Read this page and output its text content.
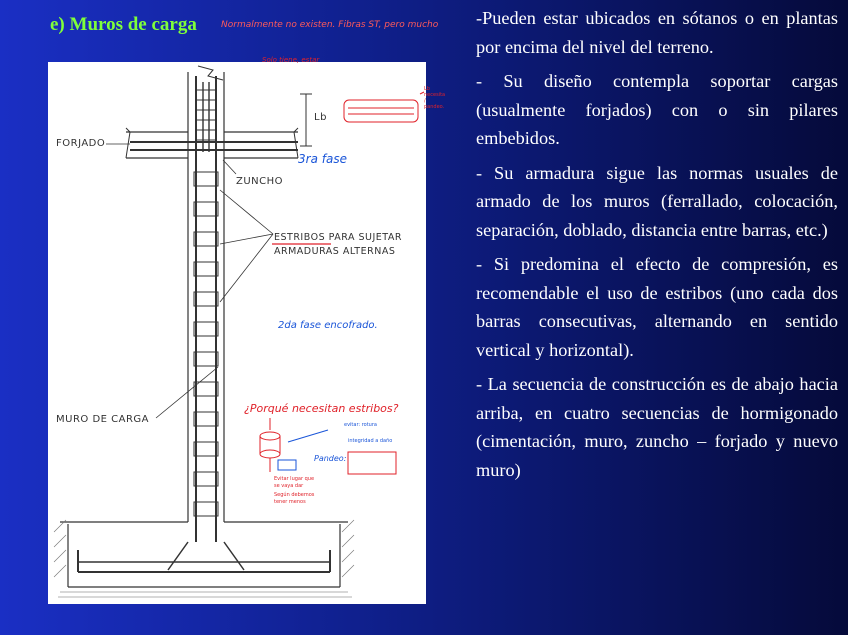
e) Muros de carga	Normalmente no existen. Fibras ST, pero mucho
FORJADO
ZUNCHO
ESTRIBOS PARA SUJETAR
ARMADURAS ALTERNAS
MURO DE CARGA
Lb
Solo tiene, estar
3ra fase
2da fase encofrado.
¿Porqué necesitan estribos?
Pandeo:
Lb necesita / pandeo.
Evitar lugar que
se vaya dar
Según debemos
tener menos
evitar: rotura
integridad a daño

-Pueden estar ubicados en sótanos o en plantas por encima del nivel del terreno.

- Su diseño contempla soportar cargas (usualmente forjados) con o sin pilares embebidos.

- Su armadura sigue las normas usuales de armado de los muros (ferrallado, colocación, separación, doblado, distancia entre barras, etc.)

- Si predomina el efecto de compresión, es recomendable el uso de estribos (uno cada dos barras consecutivas, alternando en sentido vertical y horizontal).

- La secuencia de construcción es de abajo hacia arriba, en cuatro secuencias de hormigonado (cimentación, muro, zuncho – forjado y nuevo muro)
